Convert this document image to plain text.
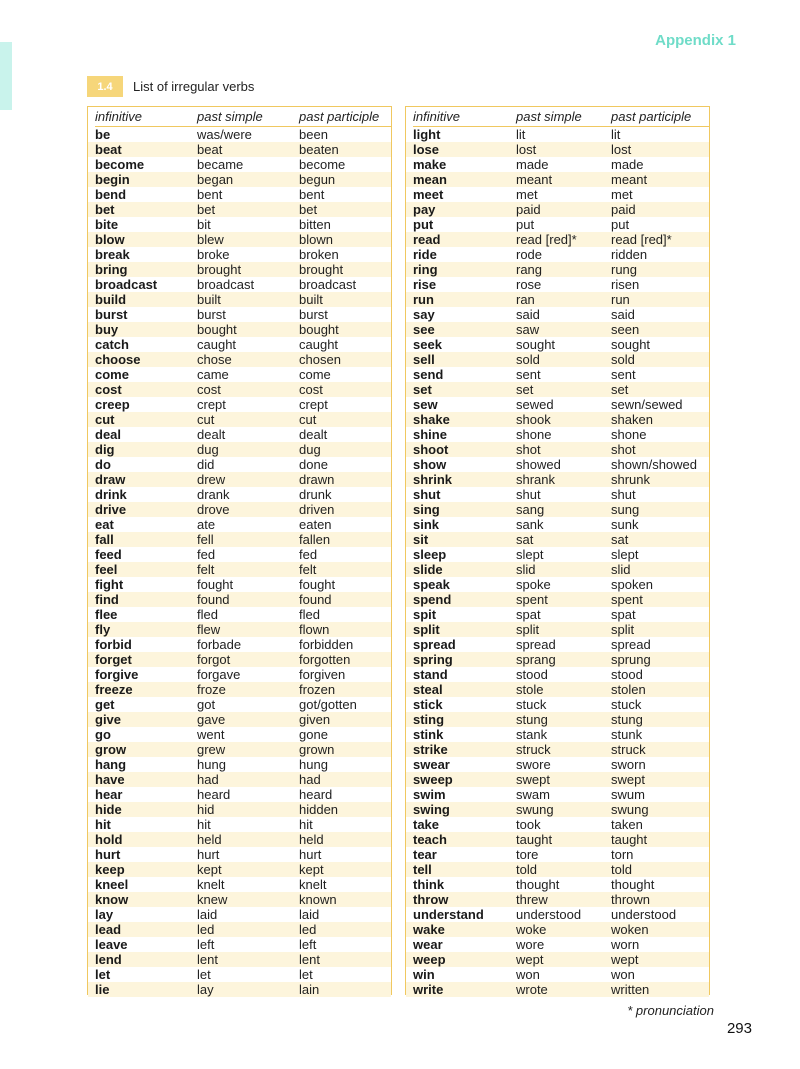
Appendix 1
1.4	List of irregular verbs
infinitive	past simple	past participle
be	was/were	been
beat	beat	beaten
become	became	become
begin	began	begun
bend	bent	bent
bet	bet	bet
bite	bit	bitten
blow	blew	blown
break	broke	broken
bring	brought	brought
broadcast	broadcast	broadcast
build	built	built
burst	burst	burst
buy	bought	bought
catch	caught	caught
choose	chose	chosen
come	came	come
cost	cost	cost
creep	crept	crept
cut	cut	cut
deal	dealt	dealt
dig	dug	dug
do	did	done
draw	drew	drawn
drink	drank	drunk
drive	drove	driven
eat	ate	eaten
fall	fell	fallen
feed	fed	fed
feel	felt	felt
fight	fought	fought
find	found	found
flee	fled	fled
fly	flew	flown
forbid	forbade	forbidden
forget	forgot	forgotten
forgive	forgave	forgiven
freeze	froze	frozen
get	got	got/gotten
give	gave	given
go	went	gone
grow	grew	grown
hang	hung	hung
have	had	had
hear	heard	heard
hide	hid	hidden
hit	hit	hit
hold	held	held
hurt	hurt	hurt
keep	kept	kept
kneel	knelt	knelt
know	knew	known
lay	laid	laid
lead	led	led
leave	left	left
lend	lent	lent
let	let	let
lie	lay	lain
infinitive	past simple	past participle
light	lit	lit
lose	lost	lost
make	made	made
mean	meant	meant
meet	met	met
pay	paid	paid
put	put	put
read	read [red]*	read [red]*
ride	rode	ridden
ring	rang	rung
rise	rose	risen
run	ran	run
say	said	said
see	saw	seen
seek	sought	sought
sell	sold	sold
send	sent	sent
set	set	set
sew	sewed	sewn/sewed
shake	shook	shaken
shine	shone	shone
shoot	shot	shot
show	showed	shown/showed
shrink	shrank	shrunk
shut	shut	shut
sing	sang	sung
sink	sank	sunk
sit	sat	sat
sleep	slept	slept
slide	slid	slid
speak	spoke	spoken
spend	spent	spent
spit	spat	spat
split	split	split
spread	spread	spread
spring	sprang	sprung
stand	stood	stood
steal	stole	stolen
stick	stuck	stuck
sting	stung	stung
stink	stank	stunk
strike	struck	struck
swear	swore	sworn
sweep	swept	swept
swim	swam	swum
swing	swung	swung
take	took	taken
teach	taught	taught
tear	tore	torn
tell	told	told
think	thought	thought
throw	threw	thrown
understand	understood	understood
wake	woke	woken
wear	wore	worn
weep	wept	wept
win	won	won
write	wrote	written
* pronunciation
293
